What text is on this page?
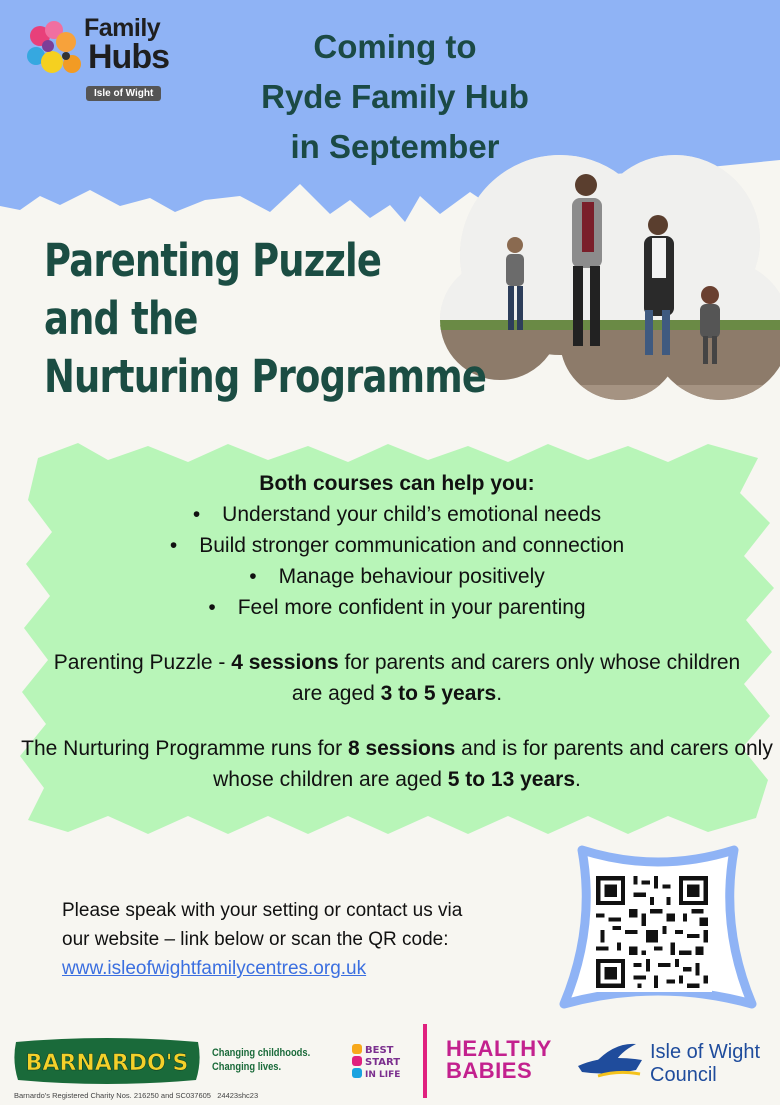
Family
Hubs
Isle of Wight
Coming to
Ryde Family Hub
in September
Parenting Puzzle
and the
Nurturing Programme
Both courses can help you:
• Understand your child’s emotional needs
• Build stronger communication and connection
• Manage behaviour positively
• Feel more confident in your parenting

Parenting Puzzle - 4 sessions for parents and carers only whose children are aged 3 to 5 years.

The Nurturing Programme runs for 8 sessions and is for parents and carers only whose children are aged 5 to 13 years.

Please speak with your setting or contact us via
our website – link below or scan the QR code:
www.isleofwightfamilycentres.org.uk
BARNARDO'S Changing childhoods.
Changing lives.
Barnardo's Registered Charity Nos. 216250 and SC037605 24423shc23
BEST
START
IN LIFE
HEALTHY
BABIES
Isle of Wight
Council
